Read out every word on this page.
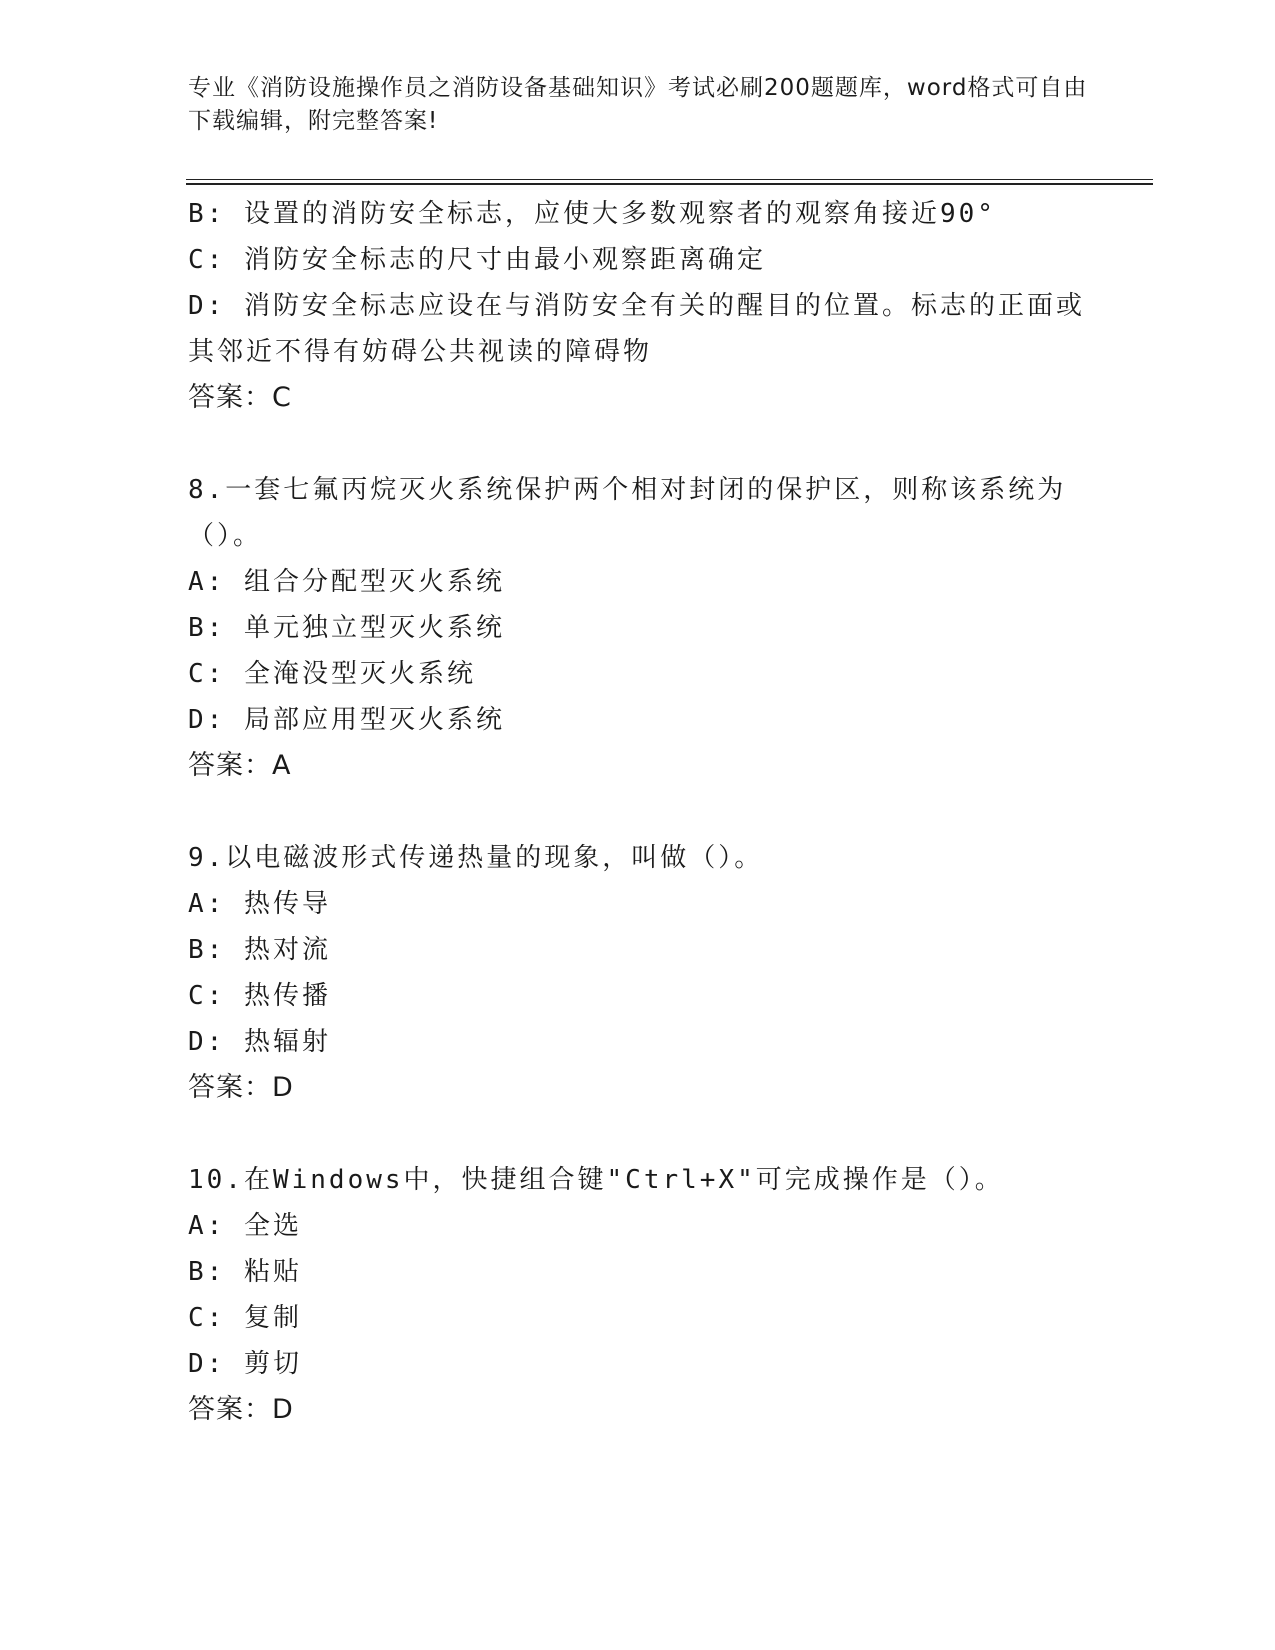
专业《消防设施操作员之消防设备基础知识》考试必刷200题题库，word格式可自由下载编辑，附完整答案!
B: 设置的消防安全标志，应使大多数观察者的观察角接近90°
C: 消防安全标志的尺寸由最小观察距离确定
D: 消防安全标志应设在与消防安全有关的醒目的位置。标志的正面或
其邻近不得有妨碍公共视读的障碍物
答案：C
8.一套七氟丙烷灭火系统保护两个相对封闭的保护区，则称该系统为
（）。
A: 组合分配型灭火系统
B: 单元独立型灭火系统
C: 全淹没型灭火系统
D: 局部应用型灭火系统
答案：A
9.以电磁波形式传递热量的现象，叫做（）。
A: 热传导
B: 热对流
C: 热传播
D: 热辐射
答案：D
10.在Windows中，快捷组合键"Ctrl+X"可完成操作是（）。
A: 全选
B: 粘贴
C: 复制
D: 剪切
答案：D
